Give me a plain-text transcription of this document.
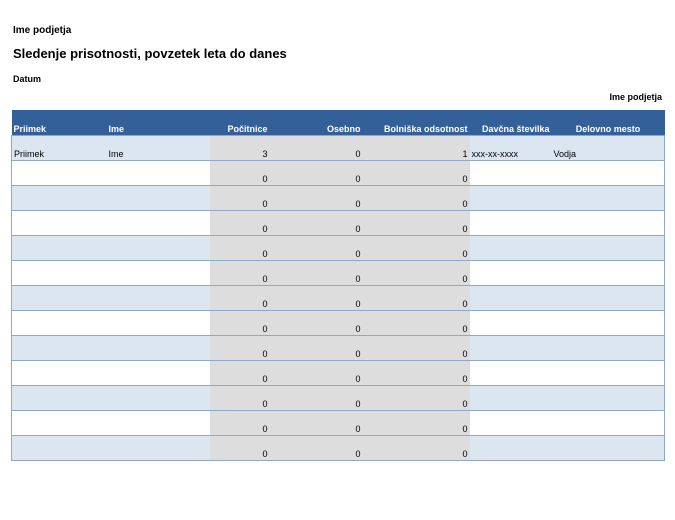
Ime podjetja

Sledenje prisotnosti, povzetek leta do danes

Datum

Ime podjetja

Priimek	Ime	Počitnice	Osebno	Bolniška odsotnost	Davčna številka	Delovno mesto
Priimek	Ime	3	0	1	xxx-xx-xxxx	Vodja
		0	0	0		
		0	0	0		
		0	0	0		
		0	0	0		
		0	0	0		
		0	0	0		
		0	0	0		
		0	0	0		
		0	0	0		
		0	0	0		
		0	0	0		
		0	0	0		
